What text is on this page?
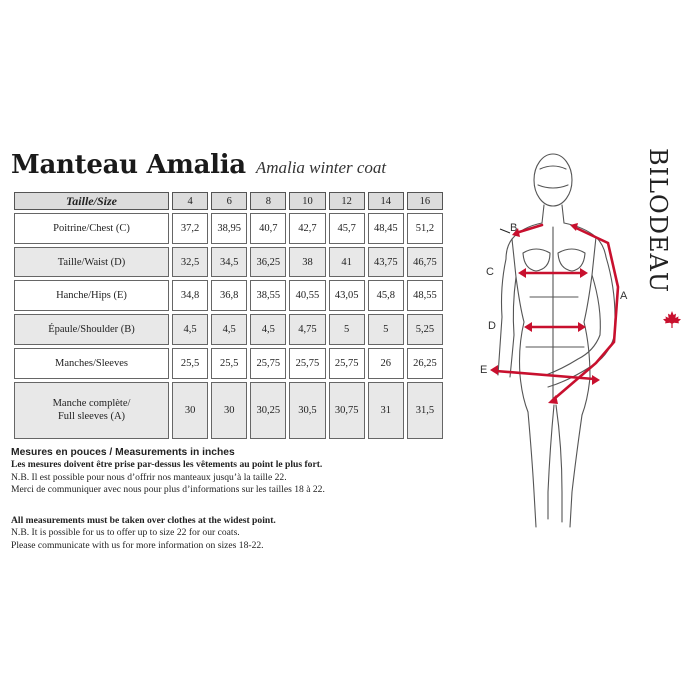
Manteau Amalia Amalia winter coat
Taille/Size	4	6	8	10	12	14	16
Poitrine/Chest (C)	37,2	38,95	40,7	42,7	45,7	48,45	51,2
Taille/Waist (D)	32,5	34,5	36,25	38	41	43,75	46,75
Hanche/Hips (E)	34,8	36,8	38,55	40,55	43,05	45,8	48,55
Épaule/Shoulder (B)	4,5	4,5	4,5	4,75	5	5	5,25
Manches/Sleeves	25,5	25,5	25,75	25,75	25,75	26	26,25
Manche complète/
Full sleeves (A)	30	30	30,25	30,5	30,75	31	31,5
Mesures en pouces / Measurements in inches
Les mesures doivent être prise par-dessus les vêtements au point le plus fort.
N.B. Il est possible pour nous d’offrir nos manteaux jusqu’à la taille 22.
Merci de communiquer avec nous pour plus d’informations sur les tailles 18 à 22.
All measurements must be taken over clothes at the widest point.
N.B. It is possible for us to offer up to size 22 for our coats.
Please communicate with us for more information on sizes 18-22.
BILODEAU
A
B
C
D
E
